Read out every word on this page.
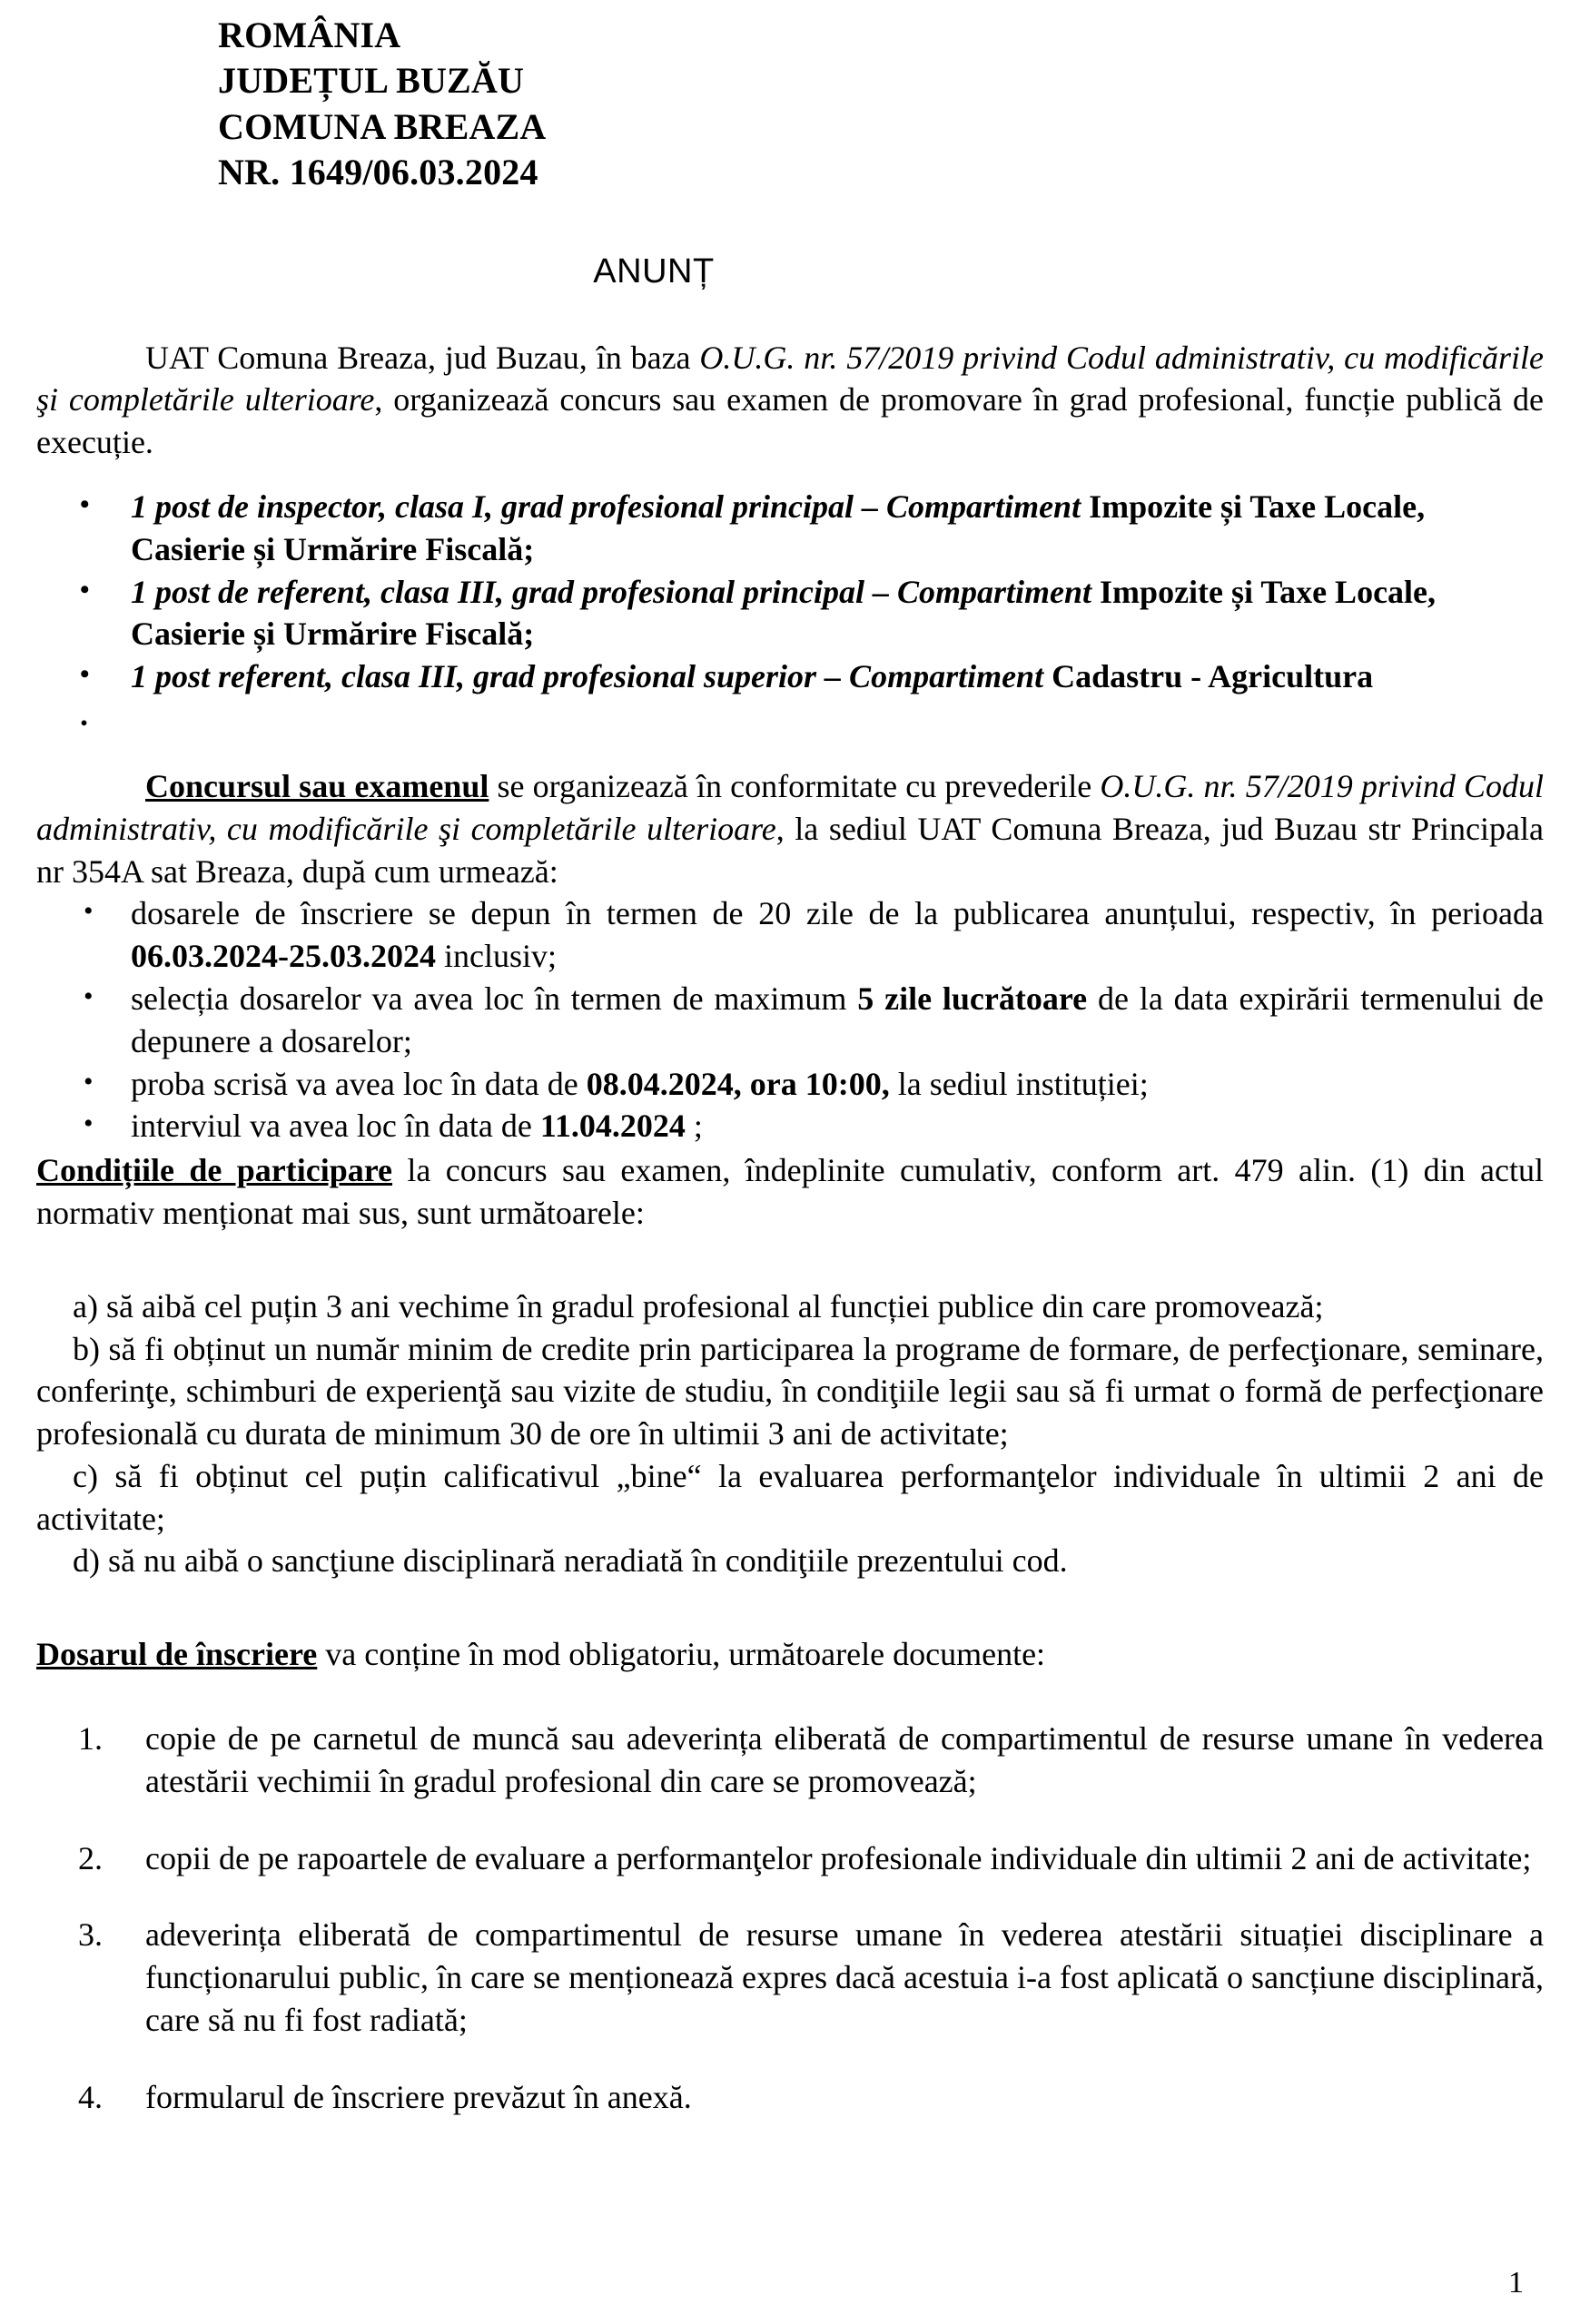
ROMÂNIA
JUDEȚUL BUZĂU
COMUNA BREAZA
NR. 1649/06.03.2024
ANUNȚ

UAT Comuna Breaza, jud Buzau, în baza O.U.G. nr. 57/2019 privind Codul administrativ, cu modificările şi completările ulterioare, organizează concurs sau examen de promovare în grad profesional, funcție publică de execuție.

• 1 post de inspector, clasa I, grad profesional principal – Compartiment Impozite și Taxe Locale, Casierie și Urmărire Fiscală;
• 1 post de referent, clasa III, grad profesional principal – Compartiment Impozite și Taxe Locale, Casierie și Urmărire Fiscală;
• 1 post referent, clasa III, grad profesional superior – Compartiment Cadastru - Agricultura
.

Concursul sau examenul se organizează în conformitate cu prevederile O.U.G. nr. 57/2019 privind Codul administrativ, cu modificările şi completările ulterioare, la sediul UAT Comuna Breaza, jud Buzau str Principala nr 354A sat Breaza, după cum urmează:

• dosarele de înscriere se depun în termen de 20 zile de la publicarea anunțului, respectiv, în perioada 06.03.2024-25.03.2024 inclusiv;
• selecția dosarelor va avea loc în termen de maximum 5 zile lucrătoare de la data expirării termenului de depunere a dosarelor;
• proba scrisă va avea loc în data de 08.04.2024, ora 10:00, la sediul instituției;
• interviul va avea loc în data de 11.04.2024 ;

Condițiile de participare la concurs sau examen, îndeplinite cumulativ, conform art. 479 alin. (1) din actul normativ menționat mai sus, sunt următoarele:

a) să aibă cel puțin 3 ani vechime în gradul profesional al funcției publice din care promovează;

b) să fi obținut un număr minim de credite prin participarea la programe de formare, de perfecţionare, seminare, conferinţe, schimburi de experienţă sau vizite de studiu, în condiţiile legii sau să fi urmat o formă de perfecţionare profesională cu durata de minimum 30 de ore în ultimii 3 ani de activitate;

c) să fi obținut cel puțin calificativul „bine“ la evaluarea performanţelor individuale în ultimii 2 ani de activitate;

d) să nu aibă o sancţiune disciplinară neradiată în condiţiile prezentului cod.

Dosarul de înscriere va conține în mod obligatoriu, următoarele documente:

copie de pe carnetul de muncă sau adeverința eliberată de compartimentul de resurse umane în vederea atestării vechimii în gradul profesional din care se promovează;
copii de pe rapoartele de evaluare a performanţelor profesionale individuale din ultimii 2 ani de activitate;
adeverința eliberată de compartimentul de resurse umane în vederea atestării situației disciplinare a funcționarului public, în care se menționează expres dacă acestuia i-a fost aplicată o sancțiune disciplinară, care să nu fi fost radiată;
formularul de înscriere prevăzut în anexă.
1
